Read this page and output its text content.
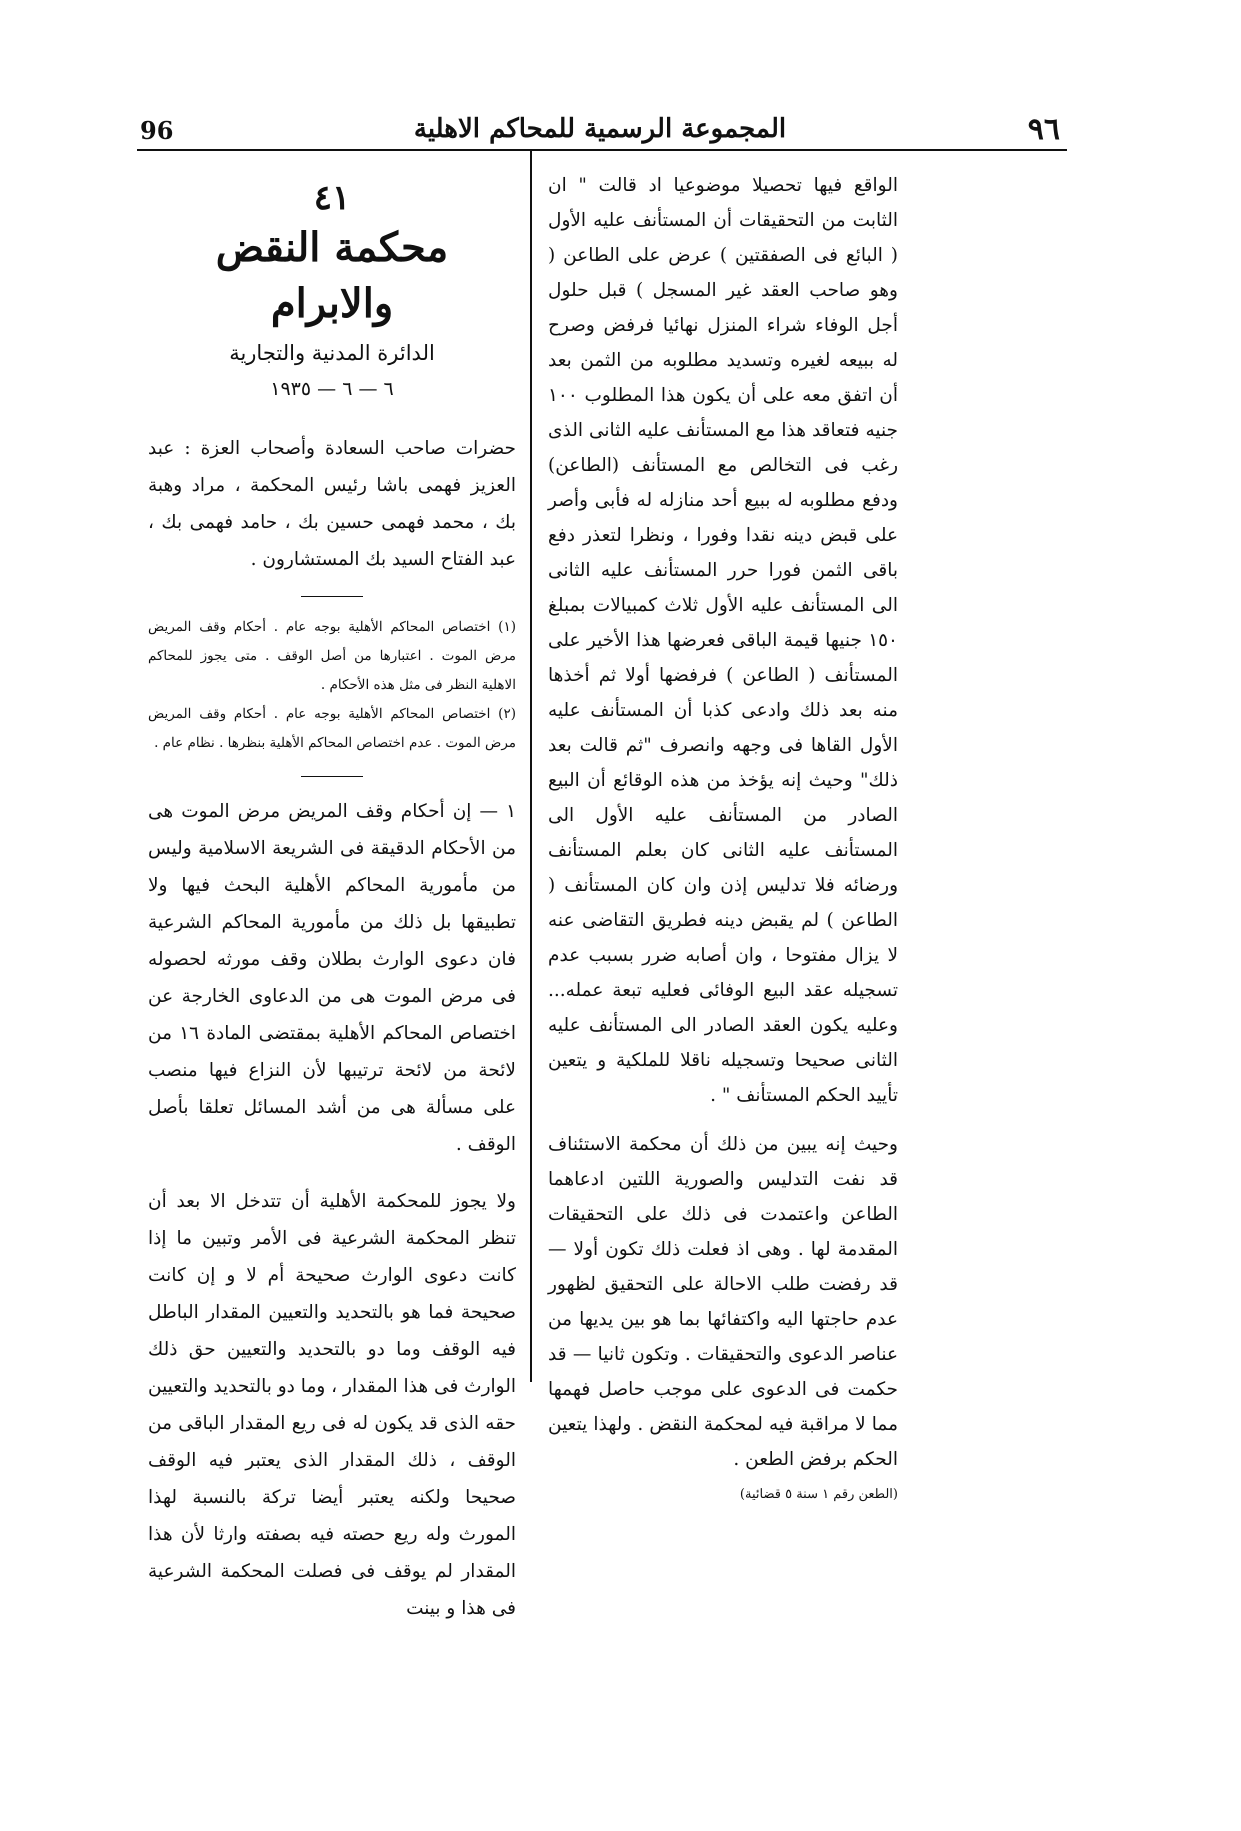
٩٦
المجموعة الرسمية للمحاكم الاهلية
96

الواقع فيها تحصيلا موضوعيا اد قالت " ان الثابت من التحقيقات أن المستأنف عليه الأول ( البائع فى الصفقتين ) عرض على الطاعن ( وهو صاحب العقد غير المسجل ) قبل حلول أجل الوفاء شراء المنزل نهائيا فرفض وصرح له ببيعه لغيره وتسديد مطلوبه من الثمن بعد أن اتفق معه على أن يكون هذا المطلوب ١٠٠ جنيه فتعاقد هذا مع المستأنف عليه الثانى الذى رغب فى التخالص مع المستأنف (الطاعن) ودفع مطلوبه له ببيع أحد منازله له فأبى وأصر على قبض دينه نقدا وفورا ، ونظرا لتعذر دفع باقى الثمن فورا حرر المستأنف عليه الثانى الى المستأنف عليه الأول ثلاث كمبيالات بمبلغ ١٥٠ جنيها قيمة الباقى فعرضها هذا الأخير على المستأنف ( الطاعن ) فرفضها أولا ثم أخذها منه بعد ذلك وادعى كذبا أن المستأنف عليه الأول القاها فى وجهه وانصرف "ثم قالت بعد ذلك" وحيث إنه يؤخذ من هذه الوقائع أن البيع الصادر من المستأنف عليه الأول الى المستأنف عليه الثانى كان بعلم المستأنف ورضائه فلا تدليس إذن وان كان المستأنف ( الطاعن ) لم يقبض دينه فطريق التقاضى عنه لا يزال مفتوحا ، وان أصابه ضرر بسبب عدم تسجيله عقد البيع الوفائى فعليه تبعة عمله... وعليه يكون العقد الصادر الى المستأنف عليه الثانى صحيحا وتسجيله ناقلا للملكية و يتعين تأييد الحكم المستأنف " .

وحيث إنه يبين من ذلك أن محكمة الاستئناف قد نفت التدليس والصورية اللتين ادعاهما الطاعن واعتمدت فى ذلك على التحقيقات المقدمة لها . وهى اذ فعلت ذلك تكون أولا — قد رفضت طلب الاحالة على التحقيق لظهور عدم حاجتها اليه واكتفائها بما هو بين يديها من عناصر الدعوى والتحقيقات . وتكون ثانيا — قد حكمت فى الدعوى على موجب حاصل فهمها مما لا مراقبة فيه لمحكمة النقض . ولهذا يتعين الحكم برفض الطعن .

(الطعن رقم ١ سنة ٥ قضائية)

٤١

محكمة النقض والابرام

الدائرة المدنية والتجارية

٦ — ٦ — ١٩٣٥

حضرات صاحب السعادة وأصحاب العزة : عبد العزيز فهمى باشا رئيس المحكمة ، مراد وهبة بك ، محمد فهمى حسين بك ، حامد فهمى بك ، عبد الفتاح السيد بك المستشارون .

(١) اختصاص المحاكم الأهلية بوجه عام . أحكام وقف المريض مرض الموت . اعتبارها من أصل الوقف . متى يجوز للمحاكم الاهلية النظر فى مثل هذه الأحكام .

(٢) اختصاص المحاكم الأهلية بوجه عام . أحكام وقف المريض مرض الموت . عدم اختصاص المحاكم الأهلية بنظرها . نظام عام .

١ — إن أحكام وقف المريض مرض الموت هى من الأحكام الدقيقة فى الشريعة الاسلامية وليس من مأمورية المحاكم الأهلية البحث فيها ولا تطبيقها بل ذلك من مأمورية المحاكم الشرعية فان دعوى الوارث بطلان وقف مورثه لحصوله فى مرض الموت هى من الدعاوى الخارجة عن اختصاص المحاكم الأهلية بمقتضى المادة ١٦ من لائحة من لائحة ترتيبها لأن النزاع فيها منصب على مسألة هى من أشد المسائل تعلقا بأصل الوقف .

ولا يجوز للمحكمة الأهلية أن تتدخل الا بعد أن تنظر المحكمة الشرعية فى الأمر وتبين ما إذا كانت دعوى الوارث صحيحة أم لا و إن كانت صحيحة فما هو بالتحديد والتعيين المقدار الباطل فيه الوقف وما دو بالتحديد والتعيين حق ذلك الوارث فى هذا المقدار ، وما دو بالتحديد والتعيين حقه الذى قد يكون له فى ريع المقدار الباقى من الوقف ، ذلك المقدار الذى يعتبر فيه الوقف صحيحا ولكنه يعتبر أيضا تركة بالنسبة لهذا المورث وله ريع حصته فيه بصفته وارثا لأن هذا المقدار لم يوقف فى فصلت المحكمة الشرعية فى هذا و بينت
